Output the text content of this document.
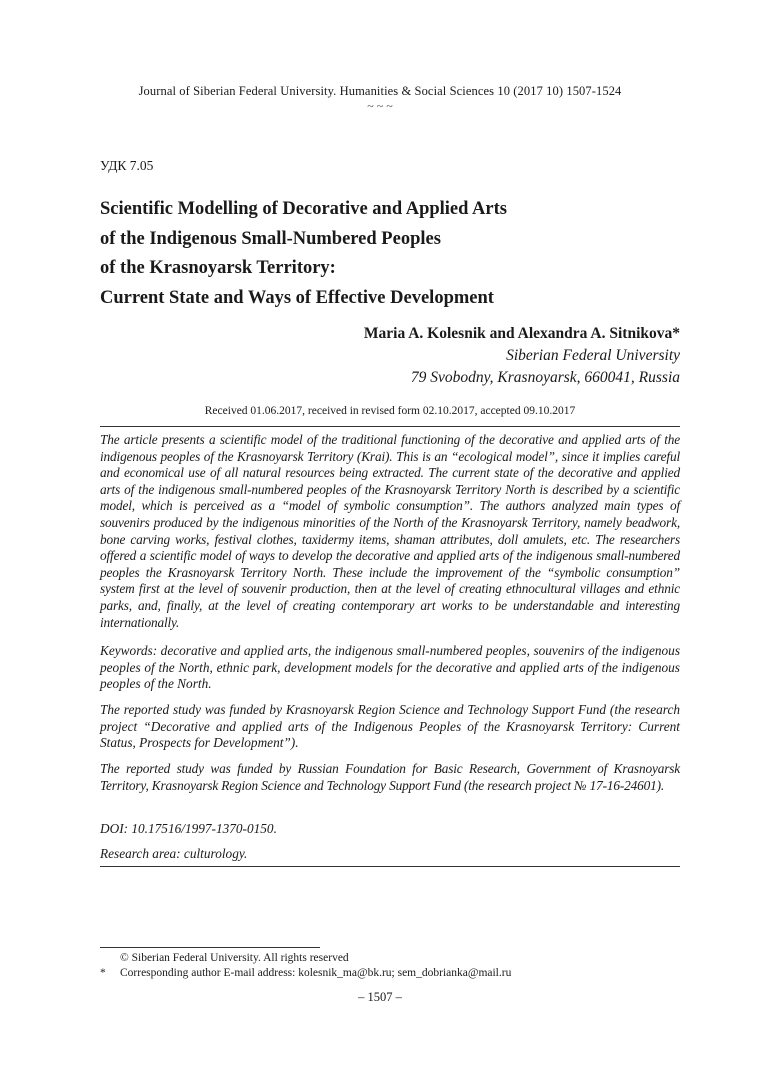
Journal of Siberian Federal University. Humanities & Social Sciences 10 (2017 10) 1507-1524
~ ~ ~
УДК 7.05
Scientific Modelling of Decorative and Applied Arts
of the Indigenous Small-Numbered Peoples
of the Krasnoyarsk Territory:
Current State and Ways of Effective Development
Maria A. Kolesnik and Alexandra A. Sitnikova*
Siberian Federal University
79 Svobodny, Krasnoyarsk, 660041, Russia
Received 01.06.2017, received in revised form 02.10.2017, accepted 09.10.2017
The article presents a scientific model of the traditional functioning of the decorative and applied arts of the indigenous peoples of the Krasnoyarsk Territory (Krai). This is an “ecological model”, since it implies careful and economical use of all natural resources being extracted. The current state of the decorative and applied arts of the indigenous small-numbered peoples of the Krasnoyarsk Territory North is described by a scientific model, which is perceived as a “model of symbolic consumption”. The authors analyzed main types of souvenirs produced by the indigenous minorities of the North of the Krasnoyarsk Territory, namely beadwork, bone carving works, festival clothes, taxidermy items, shaman attributes, doll amulets, etc. The researchers offered a scientific model of ways to develop the decorative and applied arts of the indigenous small-numbered peoples the Krasnoyarsk Territory North. These include the improvement of the “symbolic consumption” system first at the level of souvenir production, then at the level of creating ethnocultural villages and ethnic parks, and, finally, at the level of creating contemporary art works to be understandable and interesting internationally.
Keywords: decorative and applied arts, the indigenous small-numbered peoples, souvenirs of the indigenous peoples of the North, ethnic park, development models for the decorative and applied arts of the indigenous peoples of the North.
The reported study was funded by Krasnoyarsk Region Science and Technology Support Fund (the research project “Decorative and applied arts of the Indigenous Peoples of the Krasnoyarsk Territory: Current Status, Prospects for Development”).
The reported study was funded by Russian Foundation for Basic Research, Government of Krasnoyarsk Territory, Krasnoyarsk Region Science and Technology Support Fund (the research project № 17-16-24601).
DOI: 10.17516/1997-1370-0150.
Research area: culturology.
© Siberian Federal University. All rights reserved
* Corresponding author E-mail address: kolesnik_ma@bk.ru; sem_dobrianka@mail.ru
– 1507 –
